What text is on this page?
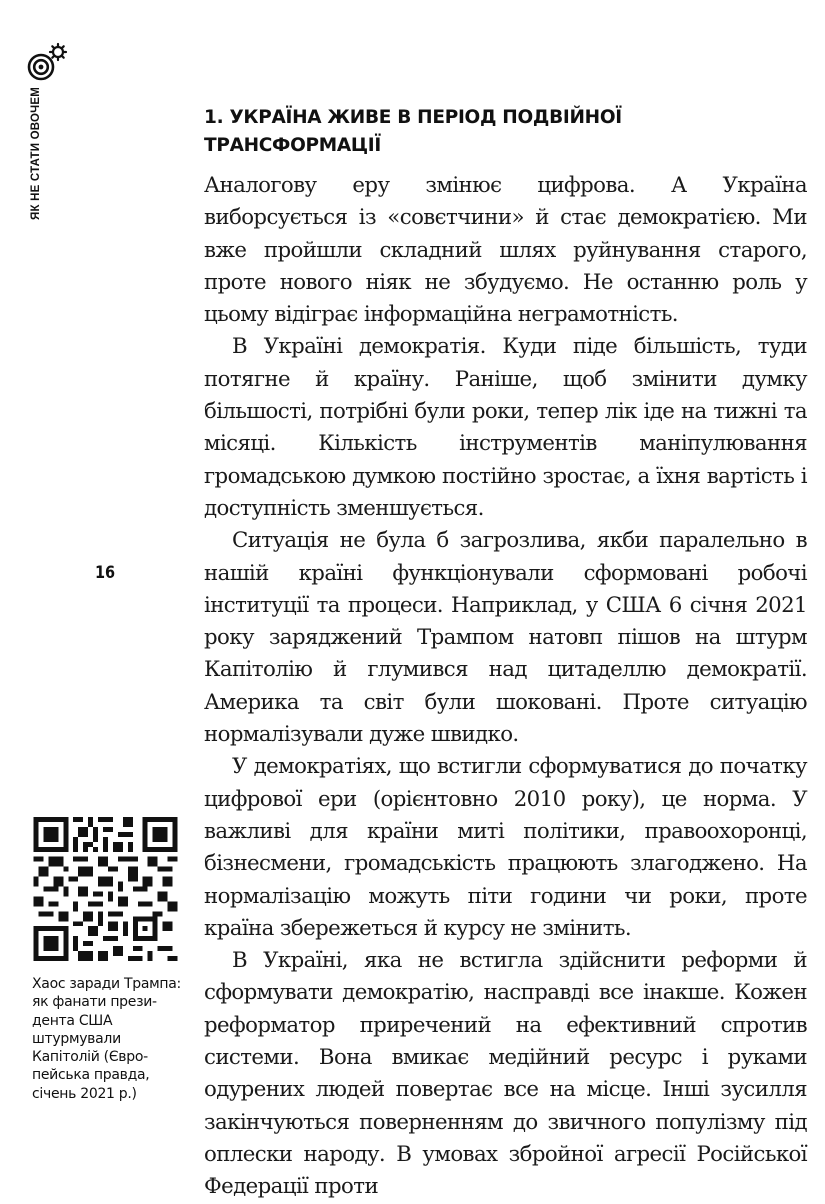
ЯК НЕ СТАТИ ОВОЧЕМ
16
1. УКРАЇНА ЖИВЕ В ПЕРІОД ПОДВІЙНОЇ ТРАНСФОРМАЦІЇ

Аналогову еру змінює цифрова. А Україна виборсується із «совєтчини» й стає демократією. Ми вже пройшли складний шлях руйнування старого, проте нового ніяк не збудуємо. Не останню роль у цьому відіграє інформаційна неграмотність.

В Україні демократія. Куди піде більшість, туди потягне й країну. Раніше, щоб змінити думку більшості, потрібні були роки, тепер лік іде на тижні та місяці. Кількість інструментів маніпулювання громадською думкою постійно зростає, а їхня вартість і доступність зменшується.

Ситуація не була б загрозлива, якби паралельно в нашій країні функціонували сформовані робочі інституції та процеси. Наприклад, у США 6 січня 2021 року заряджений Трампом натовп пішов на штурм Капітолію й глумився над цитаделлю демократії. Америка та світ були шоковані. Проте ситуацію нормалізували дуже швидко.

У демократіях, що встигли сформуватися до початку цифрової ери (орієнтовно 2010 року), це норма. У важливі для країни миті політики, правоохоронці, бізнесмени, громадськість працюють злагоджено. На нормалізацію можуть піти години чи роки, проте країна збережеться й курсу не змінить.

В Україні, яка не встигла здійснити реформи й сформувати демократію, насправді все інакше. Кожен реформатор приречений на ефективний спротив системи. Вона вмикає медійний ресурс і руками одурених людей повертає все на місце. Інші зусилля закінчуються поверненням до звичного популізму під оплески народу. В умовах збройної агресії Російської Федерації проти

Хаос заради Трампа: як фанати прези-дента США штурмували Капітолій (Євро-пейська правда, січень 2021 р.)
